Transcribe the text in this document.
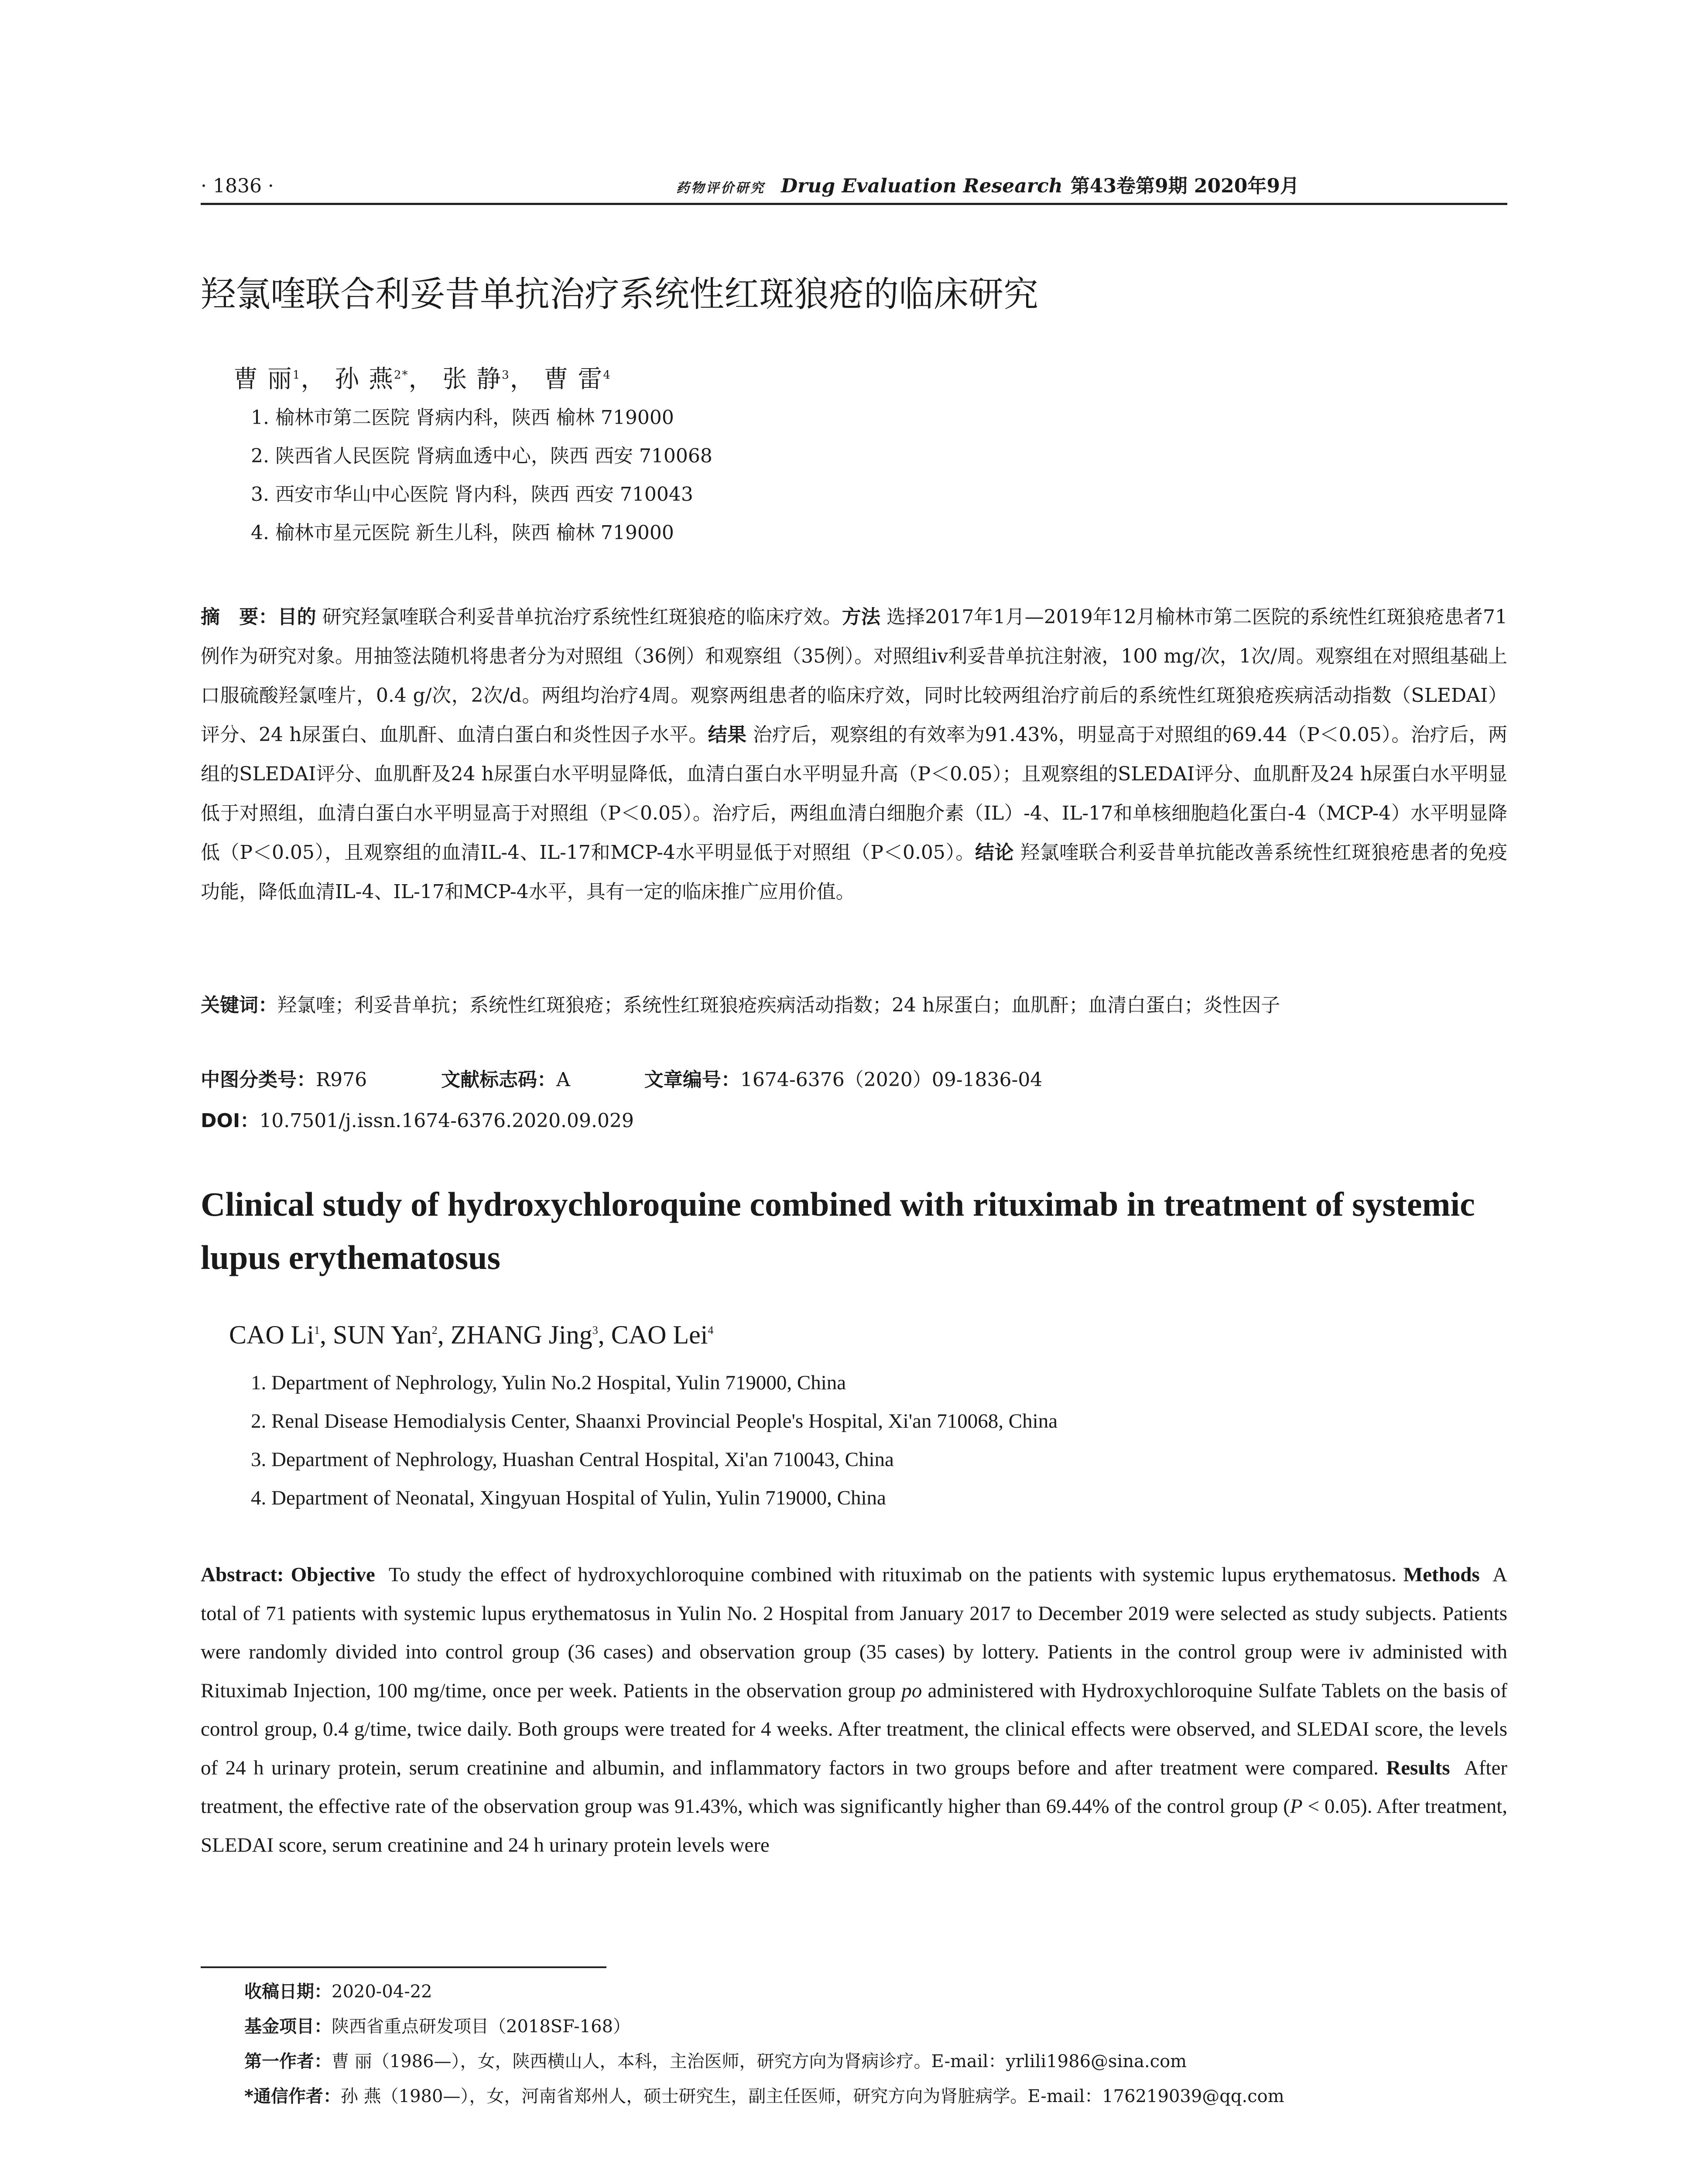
· 1836 ·	药物评价研究 Drug Evaluation Research 第43卷第9期 2020年9月
羟氯喹联合利妥昔单抗治疗系统性红斑狼疮的临床研究
曹 丽$^1$， 孙 燕$^{2*}$， 张 静$^3$， 曹 雷$^4$
1. 榆林市第二医院 肾病内科，陕西 榆林 719000
2. 陕西省人民医院 肾病血透中心，陕西 西安 710068
3. 西安市华山中心医院 肾内科，陕西 西安 710043
4. 榆林市星元医院 新生儿科，陕西 榆林 719000

摘　要：目的 研究羟氯喹联合利妥昔单抗治疗系统性红斑狼疮的临床疗效。方法 选择2017年1月—2019年12月榆林市第二医院的系统性红斑狼疮患者71例作为研究对象。用抽签法随机将患者分为对照组（36例）和观察组（35例）。对照组iv利妥昔单抗注射液，100 mg/次，1次/周。观察组在对照组基础上口服硫酸羟氯喹片，0.4 g/次，2次/d。两组均治疗4周。观察两组患者的临床疗效，同时比较两组治疗前后的系统性红斑狼疮疾病活动指数（SLEDAI）评分、24 h尿蛋白、血肌酐、血清白蛋白和炎性因子水平。结果 治疗后，观察组的有效率为91.43%，明显高于对照组的69.44（P＜0.05）。治疗后，两组的SLEDAI评分、血肌酐及24 h尿蛋白水平明显降低，血清白蛋白水平明显升高（P＜0.05）；且观察组的SLEDAI评分、血肌酐及24 h尿蛋白水平明显低于对照组，血清白蛋白水平明显高于对照组（P＜0.05）。治疗后，两组血清白细胞介素（IL）-4、IL-17和单核细胞趋化蛋白-4（MCP-4）水平明显降低（P＜0.05），且观察组的血清IL-4、IL-17和MCP-4水平明显低于对照组（P＜0.05）。结论 羟氯喹联合利妥昔单抗能改善系统性红斑狼疮患者的免疫功能，降低血清IL-4、IL-17和MCP-4水平，具有一定的临床推广应用价值。

关键词：羟氯喹；利妥昔单抗；系统性红斑狼疮；系统性红斑狼疮疾病活动指数；24 h尿蛋白；血肌酐；血清白蛋白；炎性因子
中图分类号：R976	文献标志码：A	文章编号：1674-6376（2020）09-1836-04
DOI：10.7501/j.issn.1674-6376.2020.09.029
Clinical study of hydroxychloroquine combined with rituximab in treatment of systemic lupus erythematosus
CAO Li$^1$, SUN Yan$^2$, ZHANG Jing$^3$, CAO Lei$^4$
1. Department of Nephrology, Yulin No.2 Hospital, Yulin 719000, China
2. Renal Disease Hemodialysis Center, Shaanxi Provincial People's Hospital, Xi'an 710068, China
3. Department of Nephrology, Huashan Central Hospital, Xi'an 710043, China
4. Department of Neonatal, Xingyuan Hospital of Yulin, Yulin 719000, China

Abstract: Objective To study the effect of hydroxychloroquine combined with rituximab on the patients with systemic lupus erythematosus. Methods A total of 71 patients with systemic lupus erythematosus in Yulin No. 2 Hospital from January 2017 to December 2019 were selected as study subjects. Patients were randomly divided into control group (36 cases) and observation group (35 cases) by lottery. Patients in the control group were iv administed with Rituximab Injection, 100 mg/time, once per week. Patients in the observation group po administered with Hydroxychloroquine Sulfate Tablets on the basis of control group, 0.4 g/time, twice daily. Both groups were treated for 4 weeks. After treatment, the clinical effects were observed, and SLEDAI score, the levels of 24 h urinary protein, serum creatinine and albumin, and inflammatory factors in two groups before and after treatment were compared. Results After treatment, the effective rate of the observation group was 91.43%, which was significantly higher than 69.44% of the control group (P < 0.05). After treatment, SLEDAI score, serum creatinine and 24 h urinary protein levels were

收稿日期：2020-04-22
基金项目：陕西省重点研发项目（2018SF-168）
第一作者：曹 丽（1986—），女，陕西横山人，本科，主治医师，研究方向为肾病诊疗。E-mail：yrlili1986@sina.com
*通信作者：孙 燕（1980—），女，河南省郑州人，硕士研究生，副主任医师，研究方向为肾脏病学。E-mail：176219039@qq.com
